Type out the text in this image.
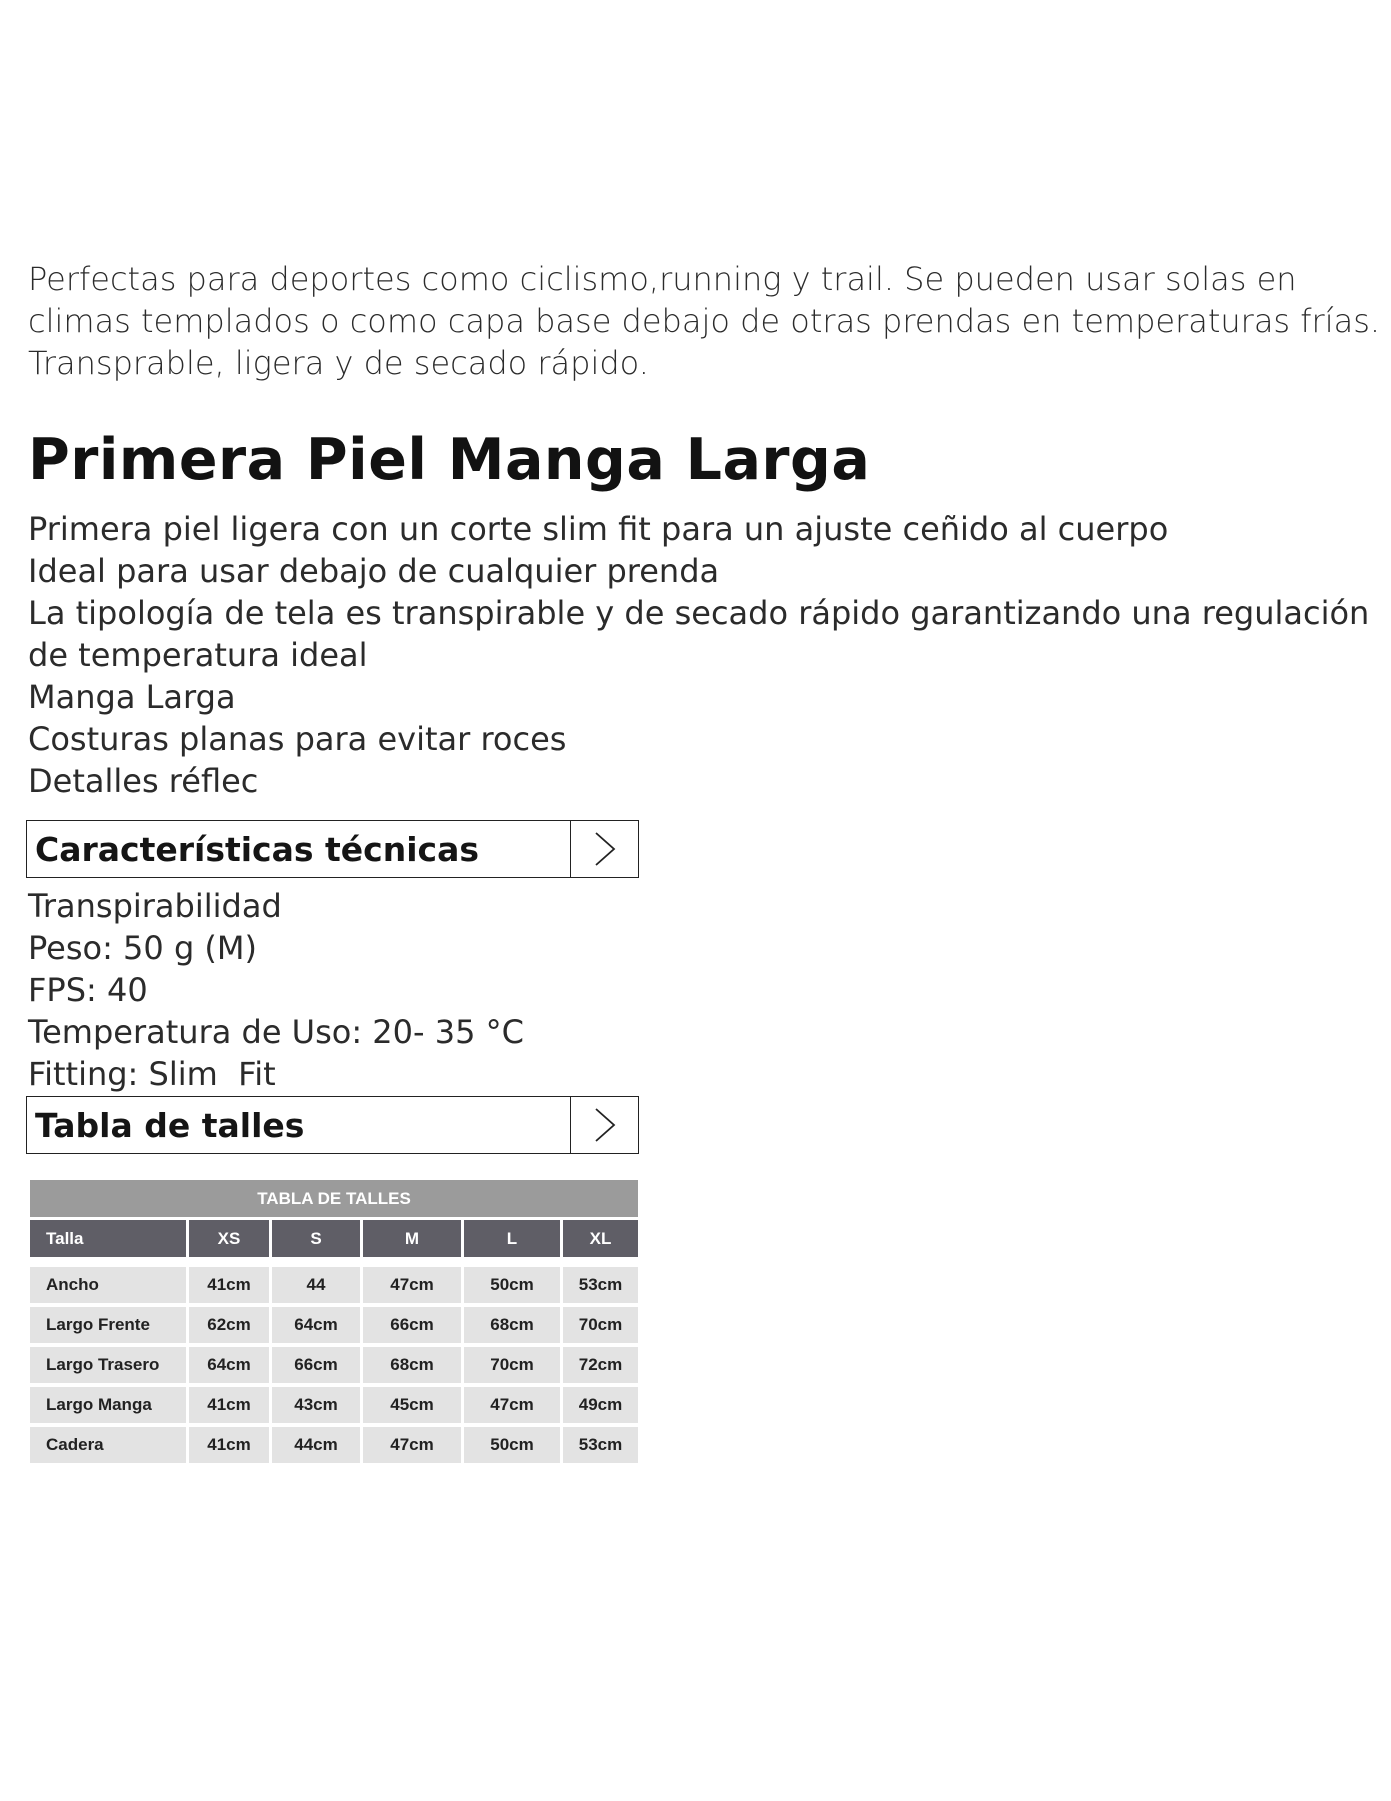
Perfectas para deportes como ciclismo,running y trail. Se pueden usar solas en
climas templados o como capa base debajo de otras prendas en temperaturas frías.
Transprable, ligera y de secado rápido.

Primera Piel Manga Larga
Primera piel ligera con un corte slim fit para un ajuste ceñido al cuerpo
Ideal para usar debajo de cualquier prenda
La tipología de tela es transpirable y de secado rápido garantizando una regulación
de temperatura ideal
Manga Larga
Costuras planas para evitar roces
Detalles réflec
Características técnicas
Transpirabilidad
Peso: 50 g (M)
FPS: 40
Temperatura de Uso: 20- 35 °C
Fitting: Slim  Fit
Tabla de talles
TABLA DE TALLES
Talla	XS	S	M	L	XL

Ancho	41cm	44	47cm	50cm	53cm
Largo Frente	62cm	64cm	66cm	68cm	70cm
Largo Trasero	64cm	66cm	68cm	70cm	72cm
Largo Manga	41cm	43cm	45cm	47cm	49cm
Cadera	41cm	44cm	47cm	50cm	53cm
